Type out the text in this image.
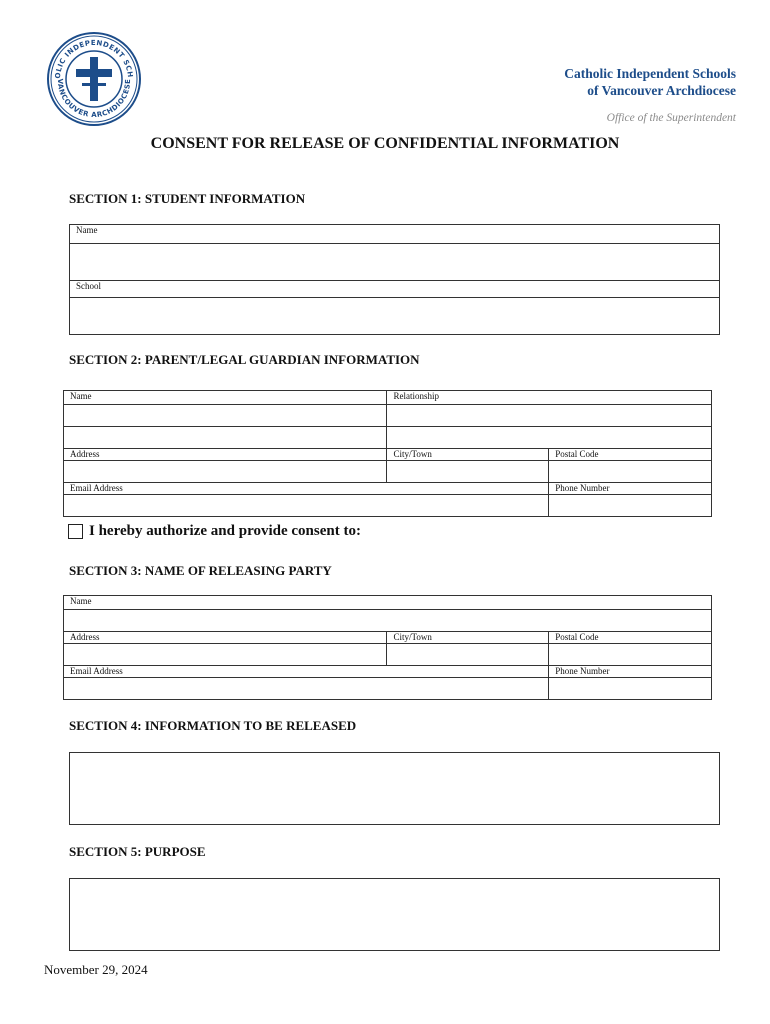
OLIC INDEPENDENT SCH
VANCOUVER ARCHDIOCESE
Catholic Independent Schools
of Vancouver Archdiocese
Office of the Superintendent
CONSENT FOR RELEASE OF CONFIDENTIAL INFORMATION
SECTION 1: STUDENT INFORMATION
Name

School

SECTION 2: PARENT/LEGAL GUARDIAN INFORMATION
Name	Relationship	

Address	City/Town	Postal Code

Email Address		Phone Number

I hereby authorize and provide consent to:
SECTION 3: NAME OF RELEASING PARTY
Name		

Address	City/Town	Postal Code

Email Address		Phone Number

SECTION 4: INFORMATION TO BE RELEASED
SECTION 5: PURPOSE
November 29, 2024
